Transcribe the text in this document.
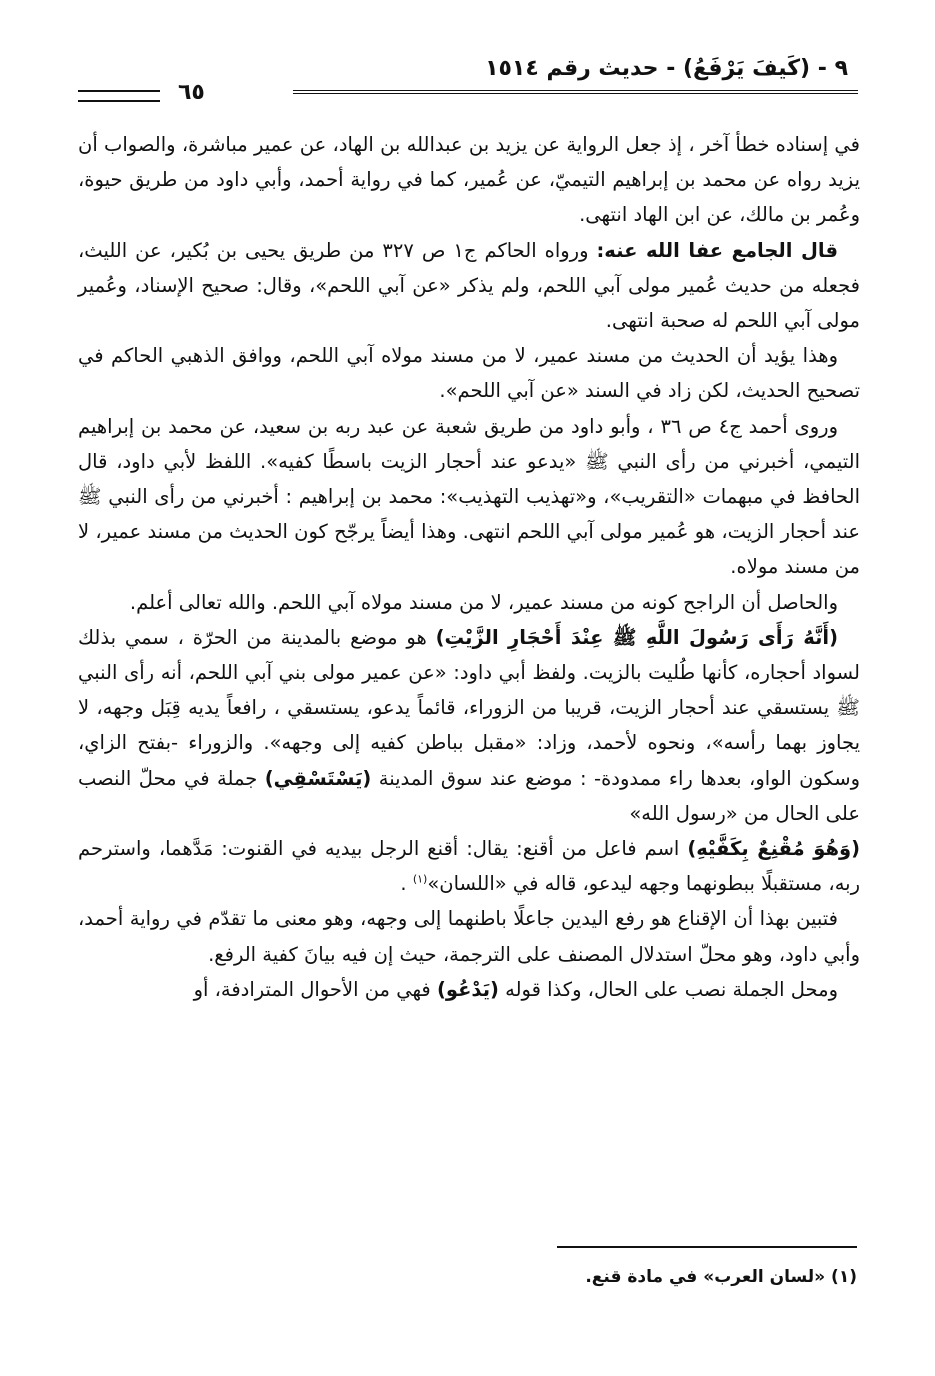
٩ - (كَيفَ يَرْفَعُ) - حديث رقم ١٥١٤
٦٥

في إسناده خطأ آخر ، إذ جعل الرواية عن يزيد بن عبدالله بن الهاد، عن عمير مباشرة، والصواب أن يزيد رواه عن محمد بن إبراهيم التيميّ، عن عُمير، كما في رواية أحمد، وأبي داود من طريق حيوة، وعُمر بن مالك، عن ابن الهاد انتهى.

قال الجامع عفا الله عنه: ورواه الحاكم ج١ ص ٣٢٧ من طريق يحيى بن بُكير، عن الليث، فجعله من حديث عُمير مولى آبي اللحم، ولم يذكر «عن آبي اللحم»، وقال: صحيح الإسناد، وعُمير مولى آبي اللحم له صحبة انتهى.

وهذا يؤيد أن الحديث من مسند عمير، لا من مسند مولاه آبي اللحم، ووافق الذهبي الحاكم في تصحيح الحديث، لكن زاد في السند «عن آبي اللحم».

وروى أحمد ج٤ ص ٣٦ ، وأبو داود من طريق شعبة عن عبد ربه بن سعيد، عن محمد بن إبراهيم التيمي، أخبرني من رأى النبي ﷺ «يدعو عند أحجار الزيت باسطًا كفيه». اللفظ لأبي داود، قال الحافظ في مبهمات «التقريب»، و«تهذيب التهذيب»: محمد بن إبراهيم : أخبرني من رأى النبي ﷺ عند أحجار الزيت، هو عُمير مولى آبي اللحم انتهى. وهذا أيضاً يرجّح كون الحديث من مسند عمير، لا من مسند مولاه.

والحاصل أن الراجح كونه من مسند عمير، لا من مسند مولاه آبي اللحم. والله تعالى أعلم.

(أَنَّهُ رَأَى رَسُولَ اللَّهِ ﷺ عِنْدَ أَحْجَارِ الزَّيْتِ) هو موضع بالمدينة من الحرّة ، سمي بذلك لسواد أحجاره، كأنها طُليت بالزيت. ولفظ أبي داود: «عن عمير مولى بني آبي اللحم، أنه رأى النبي ﷺ يستسقي عند أحجار الزيت، قريبا من الزوراء، قائماً يدعو، يستسقي ، رافعاً يديه قِبَل وجهه، لا يجاوز بهما رأسه»، ونحوه لأحمد، وزاد: «مقبل بباطن كفيه إلى وجهه». والزوراء -بفتح الزاي، وسكون الواو، بعدها راء ممدودة- : موضع عند سوق المدينة (يَسْتَسْقِي) جملة في محلّ النصب على الحال من «رسول الله»

(وَهُوَ مُقْنِعٌ بِكَفَّيْهِ) اسم فاعل من أقنع: يقال: أقنع الرجل بيديه في القنوت: مَدَّهما، واسترحم ربه، مستقبلًا ببطونهما وجهه ليدعو، قاله في «اللسان»$^{(١)}$ .

فتبين بهذا أن الإقناع هو رفع اليدين جاعلًا باطنهما إلى وجهه، وهو معنى ما تقدّم في رواية أحمد، وأبي داود، وهو محلّ استدلال المصنف على الترجمة، حيث إن فيه بيانَ كفية الرفع.

ومحل الجملة نصب على الحال، وكذا قوله (يَدْعُو) فهي من الأحوال المترادفة، أو

(١) «لسان العرب» في مادة قنع.
